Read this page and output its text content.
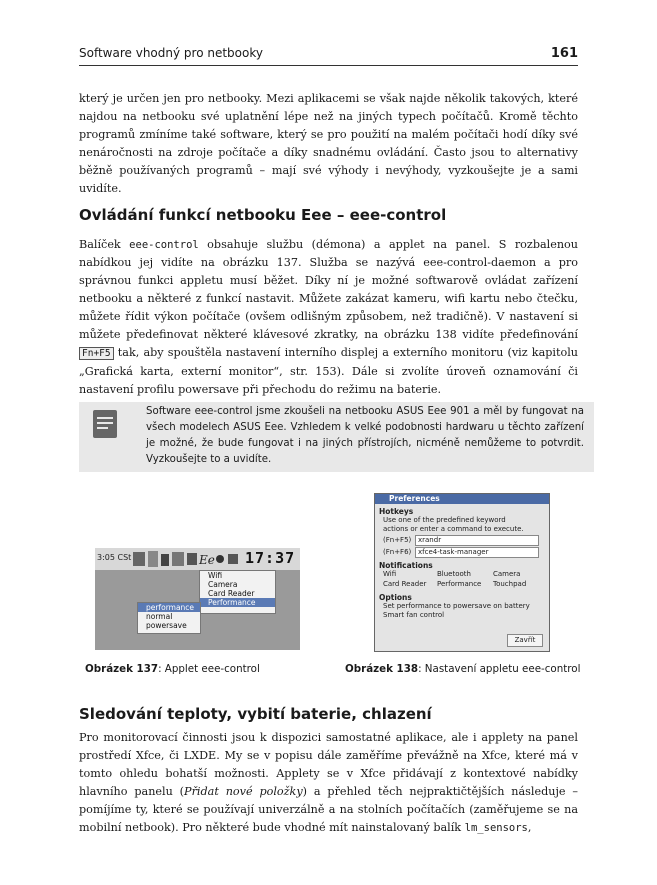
Software vhodný pro netbooky	161
který je určen jen pro netbooky. Mezi aplikacemi se však najde několik takových, které najdou na netbooku své uplatnění lépe než na jiných typech počítačů. Kromě těchto programů zmíníme také software, který se pro použití na malém počítači hodí díky své nenáročnosti na zdroje počítače a díky snadnému ovládání. Často jsou to alternativy běžně používaných programů – mají své výhody i nevýhody, vyzkoušejte je a sami uvidíte.
Ovládání funkcí netbooku Eee – eee-control
Balíček eee-control obsahuje službu (démona) a applet na panel. S rozbalenou nabídkou jej vidíte na obrázku 137. Služba se nazývá eee-control-daemon a pro správnou funkci appletu musí běžet. Díky ní je možné softwarově ovládat zařízení netbooku a některé z funkcí nastavit. Můžete zakázat kameru, wifi kartu nebo čtečku, můžete řídit výkon počítače (ovšem odlišným způsobem, než tradičně). V nastavení si můžete předefinovat některé klávesové zkratky, na obrázku 138 vidíte předefinování Fn+F5 tak, aby spouštěla nastavení interního displej a externího monitoru (viz kapitolu „Grafická karta, externí monitor“, str. 153). Dále si zvolíte úroveň oznamování či nastavení profilu powersave při přechodu do režimu na baterie.
Software eee-control jsme zkoušeli na netbooku ASUS Eee 901 a měl by fungovat na všech modelech ASUS Eee. Vzhledem k velké podobnosti hardwaru u těchto zařízení je možné, že bude fungovat i na jiných přístrojích, nicméně nemůžeme to potvrdit. Vyzkoušejte to a uvidíte.
3:05 CSt	Ee 17:37
Wifi
Camera
Card Reader
Performance
performance
normal
powersave
Preferences
Hotkeys
Use one of the predefined keyword
actions or enter a command to execute.
(Fn+F5) xrandr
(Fn+F6) xfce4-task-manager
Notifications
Wifi	Bluetooth	Camera
Card Reader Performance Touchpad
Options
Set performance to powersave on battery
Smart fan control
Zavřít
Obrázek 137: Applet eee-control	Obrázek 138: Nastavení appletu eee-control
Sledování teploty, vybití baterie, chlazení
Pro monitorovací činnosti jsou k dispozici samostatné aplikace, ale i applety na panel prostředí Xfce, či LXDE. My se v popisu dále zaměříme převážně na Xfce, které má v tomto ohledu bohatší možnosti. Applety se v Xfce přidávají z kontextové nabídky hlavního panelu (Přidat nové položky) a přehled těch nejpraktičtějších následuje – pomíjíme ty, které se používají univerzálně a na stolních počítačích (zaměřujeme se na mobilní netbook). Pro některé bude vhodné mít nainstalovaný balík lm_sensors,
